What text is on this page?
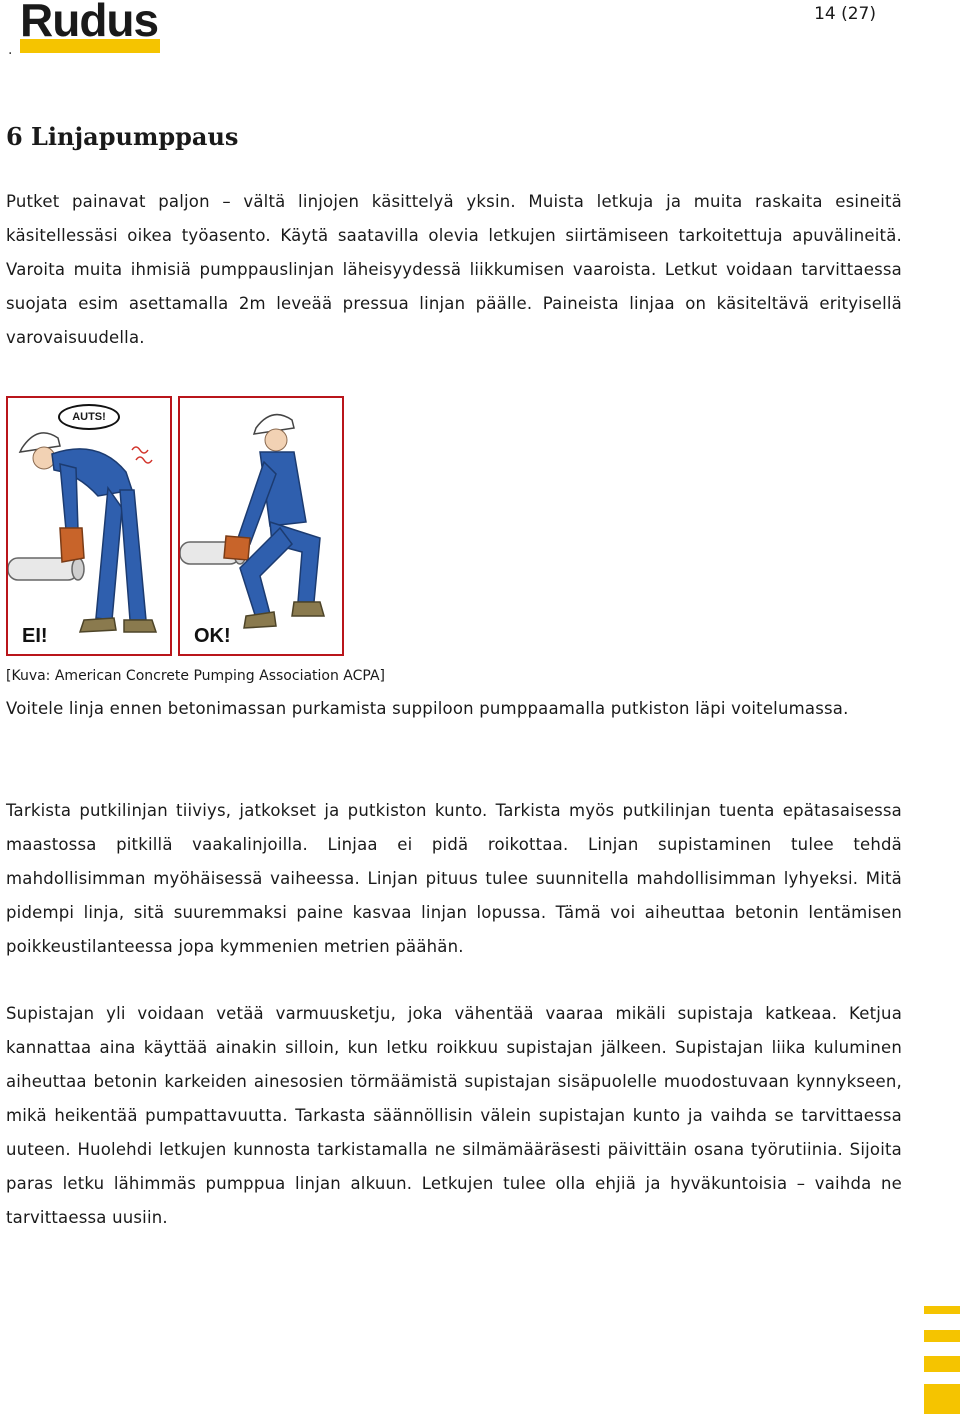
Rudus
.
14 (27)
6 Linjapumppaus

Putket painavat paljon – vältä linjojen käsittelyä yksin. Muista letkuja ja muita raskaita esineitä käsitellessäsi oikea työasento. Käytä saatavilla olevia letkujen siirtämiseen tarkoitettuja apuvälineitä. Varoita muita ihmisiä pumppauslinjan läheisyydessä liikkumisen vaaroista. Letkut voidaan tarvittaessa suojata esim asettamalla 2m leveää pressua linjan päälle. Paineista linjaa on käsiteltävä erityisellä varovaisuudella.

AUTS!
EI!	OK!

[Kuva: American Concrete Pumping Association ACPA]

Voitele linja ennen betonimassan purkamista suppiloon pumppaamalla putkiston läpi voitelumassa.

Tarkista putkilinjan tiiviys, jatkokset ja putkiston kunto. Tarkista myös putkilinjan tuenta epätasaisessa maastossa pitkillä vaakalinjoilla. Linjaa ei pidä roikottaa. Linjan supistaminen tulee tehdä mahdollisimman myöhäisessä vaiheessa. Linjan pituus tulee suunnitella mahdollisimman lyhyeksi. Mitä pidempi linja, sitä suuremmaksi paine kasvaa linjan lopussa. Tämä voi aiheuttaa betonin lentämisen poikkeustilanteessa jopa kymmenien metrien päähän.

Supistajan yli voidaan vetää varmuusketju, joka vähentää vaaraa mikäli supistaja katkeaa. Ketjua kannattaa aina käyttää ainakin silloin, kun letku roikkuu supistajan jälkeen. Supistajan liika kuluminen aiheuttaa betonin karkeiden ainesosien törmäämistä supistajan sisäpuolelle muodostuvaan kynnykseen, mikä heikentää pumpattavuutta. Tarkasta säännöllisin välein supistajan kunto ja vaihda se tarvittaessa uuteen. Huolehdi letkujen kunnosta tarkistamalla ne silmämääräsesti päivittäin osana työrutiinia. Sijoita paras letku lähimmäs pumppua linjan alkuun. Letkujen tulee olla ehjiä ja hyväkuntoisia – vaihda ne tarvittaessa uusiin.
